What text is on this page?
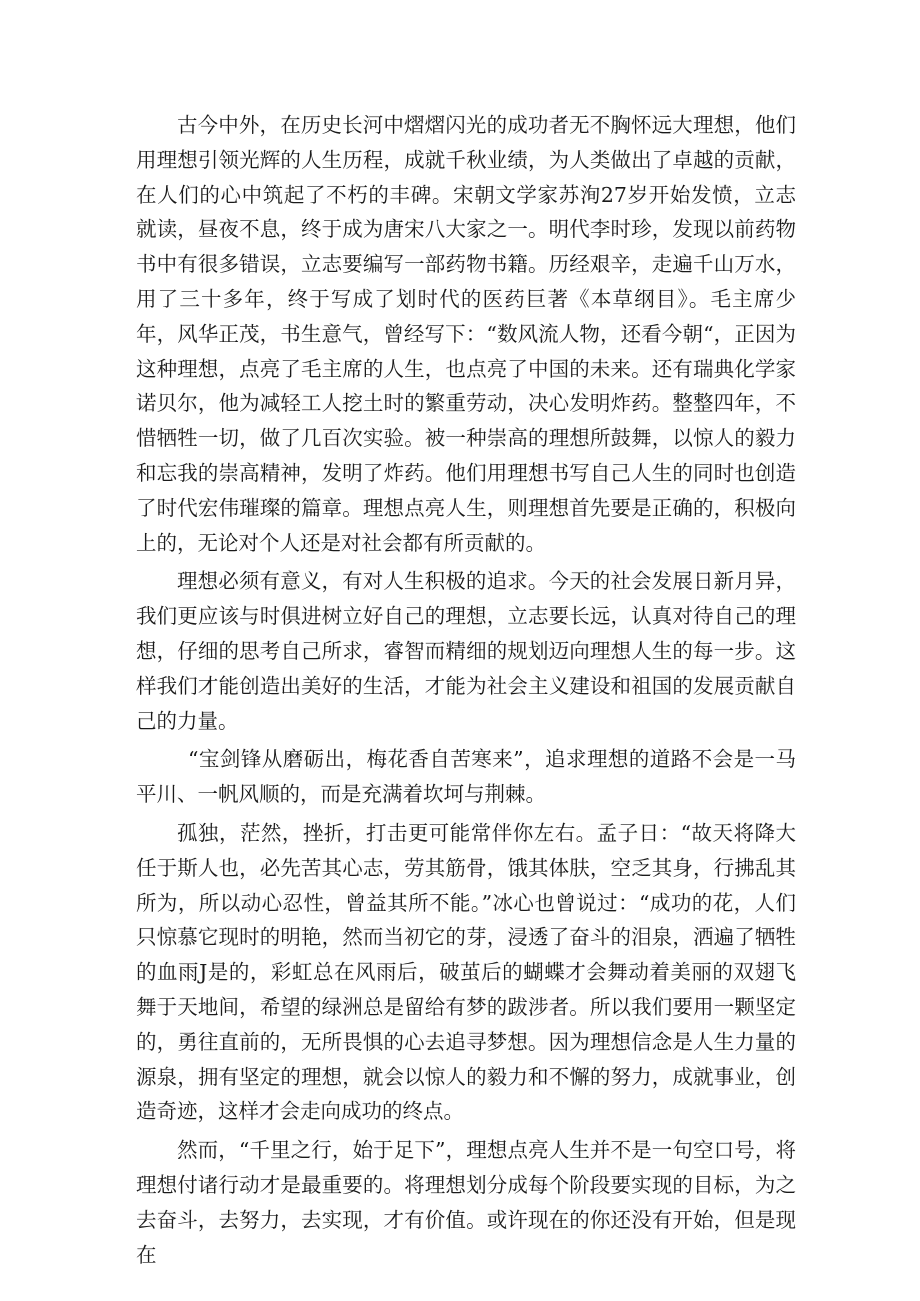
古今中外，在历史长河中熠熠闪光的成功者无不胸怀远大理想，他们用理想引领光辉的人生历程，成就千秋业绩，为人类做出了卓越的贡献，在人们的心中筑起了不朽的丰碑。宋朝文学家苏洵27岁开始发愤，立志就读，昼夜不息，终于成为唐宋八大家之一。明代李时珍，发现以前药物书中有很多错误，立志要编写一部药物书籍。历经艰辛，走遍千山万水，用了三十多年，终于写成了划时代的医药巨著《本草纲目》。毛主席少年，风华正茂，书生意气，曾经写下：“数风流人物，还看今朝“，正因为这种理想，点亮了毛主席的人生，也点亮了中国的未来。还有瑞典化学家诺贝尔，他为减轻工人挖土时的繁重劳动，决心发明炸药。整整四年，不惜牺牲一切，做了几百次实验。被一种崇高的理想所鼓舞，以惊人的毅力和忘我的崇高精神，发明了炸药。他们用理想书写自己人生的同时也创造了时代宏伟璀璨的篇章。理想点亮人生，则理想首先要是正确的，积极向上的，无论对个人还是对社会都有所贡献的。

理想必须有意义，有对人生积极的追求。今天的社会发展日新月异，我们更应该与时俱进树立好自己的理想，立志要长远，认真对待自己的理想，仔细的思考自己所求，睿智而精细的规划迈向理想人生的每一步。这样我们才能创造出美好的生活，才能为社会主义建设和祖国的发展贡献自己的力量。

“宝剑锋从磨砺出，梅花香自苦寒来”，追求理想的道路不会是一马平川、一帆风顺的，而是充满着坎坷与荆棘。

孤独，茫然，挫折，打击更可能常伴你左右。孟子日：“故天将降大任于斯人也，必先苦其心志，劳其筋骨，饿其体肤，空乏其身，行拂乱其所为，所以动心忍性，曾益其所不能。”冰心也曾说过：“成功的花，人们只惊慕它现时的明艳，然而当初它的芽，浸透了奋斗的泪泉，洒遍了牺牲的血雨J是的，彩虹总在风雨后，破茧后的蝴蝶才会舞动着美丽的双翅飞舞于天地间，希望的绿洲总是留给有梦的跋涉者。所以我们要用一颗坚定的，勇往直前的，无所畏惧的心去追寻梦想。因为理想信念是人生力量的源泉，拥有坚定的理想，就会以惊人的毅力和不懈的努力，成就事业，创造奇迹，这样才会走向成功的终点。

然而，“千里之行，始于足下”，理想点亮人生并不是一句空口号，将理想付诸行动才是最重要的。将理想划分成每个阶段要实现的目标，为之去奋斗，去努力，去实现，才有价值。或许现在的你还没有开始，但是现在
